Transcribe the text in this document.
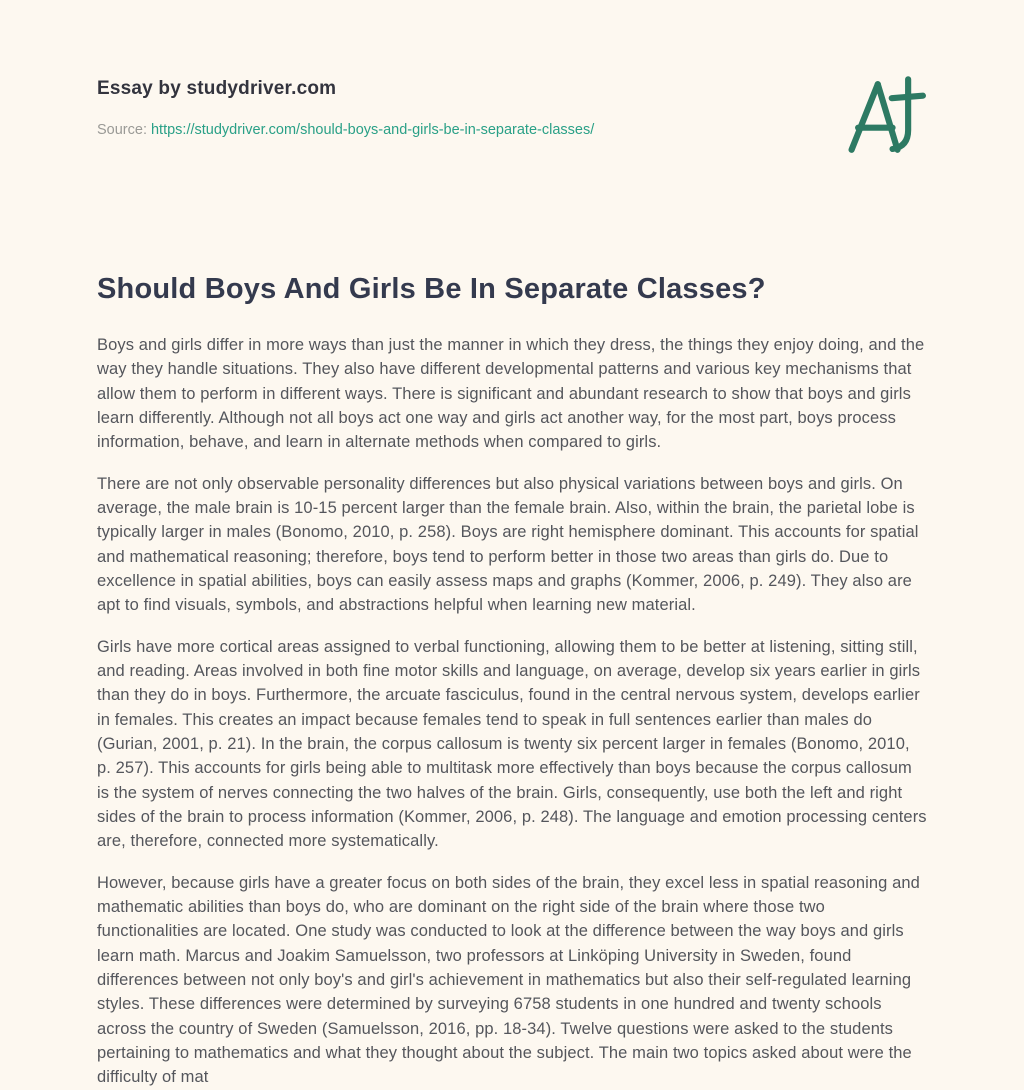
Essay by studydriver.com
Source: https://studydriver.com/should-boys-and-girls-be-in-separate-classes/
Should Boys And Girls Be In Separate Classes?

Boys and girls differ in more ways than just the manner in which they dress, the things they enjoy doing, and the way they handle situations. They also have different developmental patterns and various key mechanisms that allow them to perform in different ways. There is significant and abundant research to show that boys and girls learn differently. Although not all boys act one way and girls act another way, for the most part, boys process information, behave, and learn in alternate methods when compared to girls.

There are not only observable personality differences but also physical variations between boys and girls. On average, the male brain is 10-15 percent larger than the female brain. Also, within the brain, the parietal lobe is typically larger in males (Bonomo, 2010, p. 258). Boys are right hemisphere dominant. This accounts for spatial and mathematical reasoning; therefore, boys tend to perform better in those two areas than girls do. Due to excellence in spatial abilities, boys can easily assess maps and graphs (Kommer, 2006, p. 249). They also are apt to find visuals, symbols, and abstractions helpful when learning new material.

Girls have more cortical areas assigned to verbal functioning, allowing them to be better at listening, sitting still, and reading. Areas involved in both fine motor skills and language, on average, develop six years earlier in girls than they do in boys. Furthermore, the arcuate fasciculus, found in the central nervous system, develops earlier in females. This creates an impact because females tend to speak in full sentences earlier than males do (Gurian, 2001, p. 21). In the brain, the corpus callosum is twenty six percent larger in females (Bonomo, 2010, p. 257). This accounts for girls being able to multitask more effectively than boys because the corpus callosum is the system of nerves connecting the two halves of the brain. Girls, consequently, use both the left and right sides of the brain to process information (Kommer, 2006, p. 248). The language and emotion processing centers are, therefore, connected more systematically.

However, because girls have a greater focus on both sides of the brain, they excel less in spatial reasoning and mathematic abilities than boys do, who are dominant on the right side of the brain where those two functionalities are located. One study was conducted to look at the difference between the way boys and girls learn math. Marcus and Joakim Samuelsson, two professors at Linköping University in Sweden, found differences between not only boy's and girl's achievement in mathematics but also their self-regulated learning styles. These differences were determined by surveying 6758 students in one hundred and twenty schools across the country of Sweden (Samuelsson, 2016, pp. 18-34). Twelve questions were asked to the students pertaining to mathematics and what they thought about the subject. The main two topics asked about were the difficulty of mat
